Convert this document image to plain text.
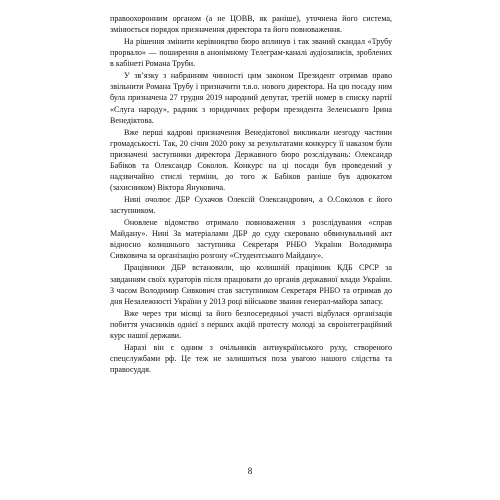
правоохоронним органом (а не ЦОВВ, як раніше), уточнена його система, змінюється порядок призначення директора та його повноваження.

На рішення змінити керівництво бюро вплинув і так званий скандал «Трубу прорвало» — поширення в анонімному Телеграм-каналі аудіозаписів, зроблених в кабінеті Романа Труби.

У зв’язку з набранням чинності цим законом Президент отримав право звільнити Романа Трубу і призначити т.в.о. нового директора. На цю посаду ним була призначена 27 грудня 2019 народний депутат, третій номер в списку партії «Слуга народу», радник з юридичних реформ президента Зеленського Ірина Венедіктова.

Вже перші кадрові призначення Венедіктової викликали незгоду частини громадськості. Так, 20 січня 2020 року за результатами конкурсу її наказом були призначені заступники директора Державного бюро розслідувань: Олександр Бабіков та Олександр Соколов. Конкурс на ці посади був проведений у надзвичайно стислі терміни, до того ж Бабіков раніше був адвокатом (захисником) Віктора Януковича.

Нині очолює ДБР Сухачов Олексій Олександрович, а О.Соколов є його заступником.

Оновлене відомство отримало повноваження з розслідування «справ Майдану». Нині За матеріалами ДБР до суду скеровано обвинувальний акт відносно колишнього заступника Секретаря РНБО України Володимира Сивковича за організацію розгону «Студентського Майдану».

Працівники ДБР встановили, що колишній працівник КДБ СРСР за завданням своїх кураторів після працювати до органів державної влади України. З часом Володимир Сивкович став заступником Секретаря РНБО та отримав до дня Незалежності України у 2013 році військове звання генерал-майора запасу.

Вже через три місяці за його безпосередньої участі відбулася організація побиття учасників однієї з перших акцій протесту молоді за євроінтеграційний курс нашої держави.

Наразі він є одним з очільників антиукраїнського руху, створеного спецслужбами рф. Це теж не залишиться поза увагою нашого слідства та правосуддя.

8
